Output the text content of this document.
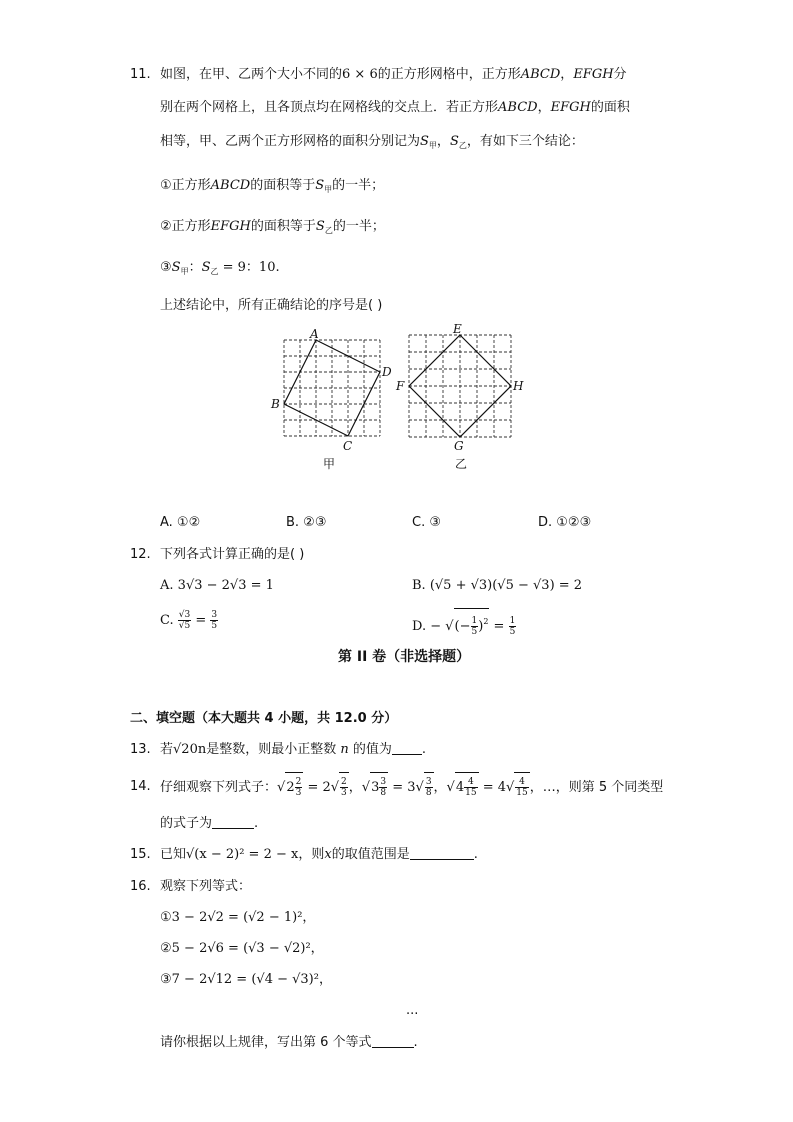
11. 如图，在甲、乙两个大小不同的6 × 6的正方形网格中，正方形ABCD，EFGH分
别在两个网格上，且各顶点均在网格线的交点上．若正方形ABCD，EFGH的面积
相等，甲、乙两个正方形网格的面积分别记为$S_甲$，$S_乙$，有如下三个结论：
①正方形ABCD的面积等于$S_甲$的一半；
②正方形EFGH的面积等于$S_乙$的一半；
$③S_甲$：$S_乙 = 9$：10.
上述结论中，所有正确结论的序号是( )
A
B
C
D
甲
E
F
G
H
乙
A. ①②	B. ②③	C. ③	D. ①②③
12. 下列各式计算正确的是( )
A. 3√3 − 2√3 = 1	B. (√5 + √3)(√5 − √3) = 2
C. $\frac{√3}{√5} = \frac{3}{5}$	D. − √(− $\frac{1}{5} )^2 = \frac{1}{5}$
第 II 卷（非选择题）
二、填空题（本大题共 4 小题，共 12.0 分）
13. 若√20n是整数，则最小正整数 n 的值为 .
14. 仔细观察下列式子：$√2 \frac{2}{3} = 2√ \frac{2}{3}$ ，$√3 \frac{3}{8} = 3√ \frac{3}{8}$ ，$√4 \frac{4}{15} = 4√ \frac{4}{15}$ ，…，则第 5 个同类型
的式子为	.
15. 已知√(x − 2)² = 2 − x，则x的取值范围是	.
16. 观察下列等式：
①3 − 2√2 = (√2 − 1)²，
②5 − 2√6 = (√3 − √2)²，
③7 − 2√12 = (√4 − √3)²，
...
请你根据以上规律，写出第 6 个等式	.
